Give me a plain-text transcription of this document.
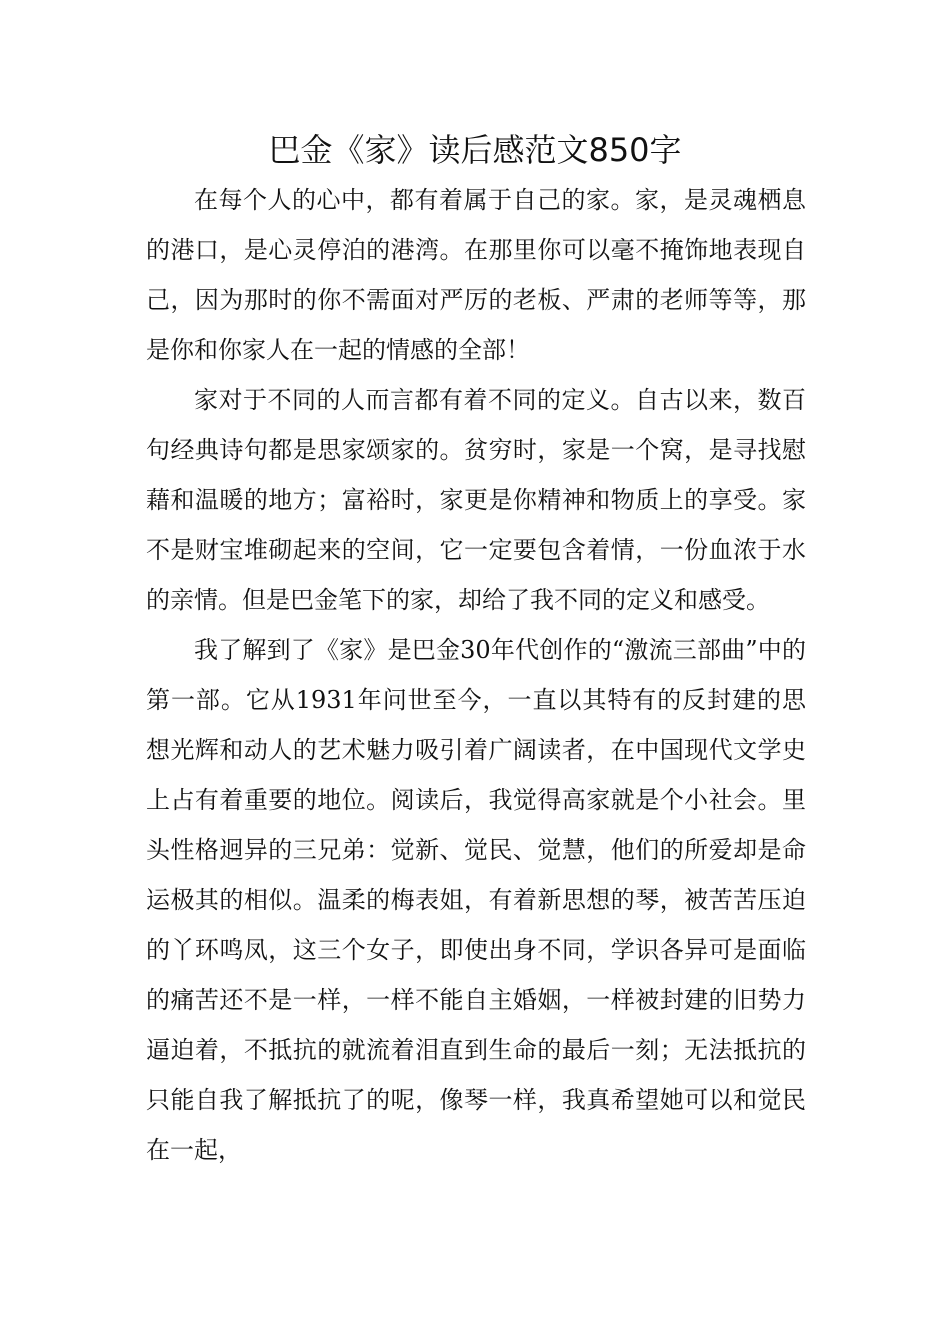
巴金《家》读后感范文850字

在每个人的心中，都有着属于自己的家。家，是灵魂栖息的港口，是心灵停泊的港湾。在那里你可以毫不掩饰地表现自己，因为那时的你不需面对严厉的老板、严肃的老师等等，那是你和你家人在一起的情感的全部！

家对于不同的人而言都有着不同的定义。自古以来，数百句经典诗句都是思家颂家的。贫穷时，家是一个窝，是寻找慰藉和温暖的地方；富裕时，家更是你精神和物质上的享受。家不是财宝堆砌起来的空间，它一定要包含着情，一份血浓于水的亲情。但是巴金笔下的家，却给了我不同的定义和感受。

我了解到了《家》是巴金30年代创作的“激流三部曲”中的第一部。它从1931年问世至今，一直以其特有的反封建的思想光辉和动人的艺术魅力吸引着广阔读者，在中国现代文学史上占有着重要的地位。阅读后，我觉得高家就是个小社会。里头性格迥异的三兄弟：觉新、觉民、觉慧，他们的所爱却是命运极其的相似。温柔的梅表姐，有着新思想的琴，被苦苦压迫的丫环鸣凤，这三个女子，即使出身不同，学识各异可是面临的痛苦还不是一样，一样不能自主婚姻，一样被封建的旧势力逼迫着，不抵抗的就流着泪直到生命的最后一刻；无法抵抗的只能自我了解抵抗了的呢，像琴一样，我真希望她可以和觉民在一起，
